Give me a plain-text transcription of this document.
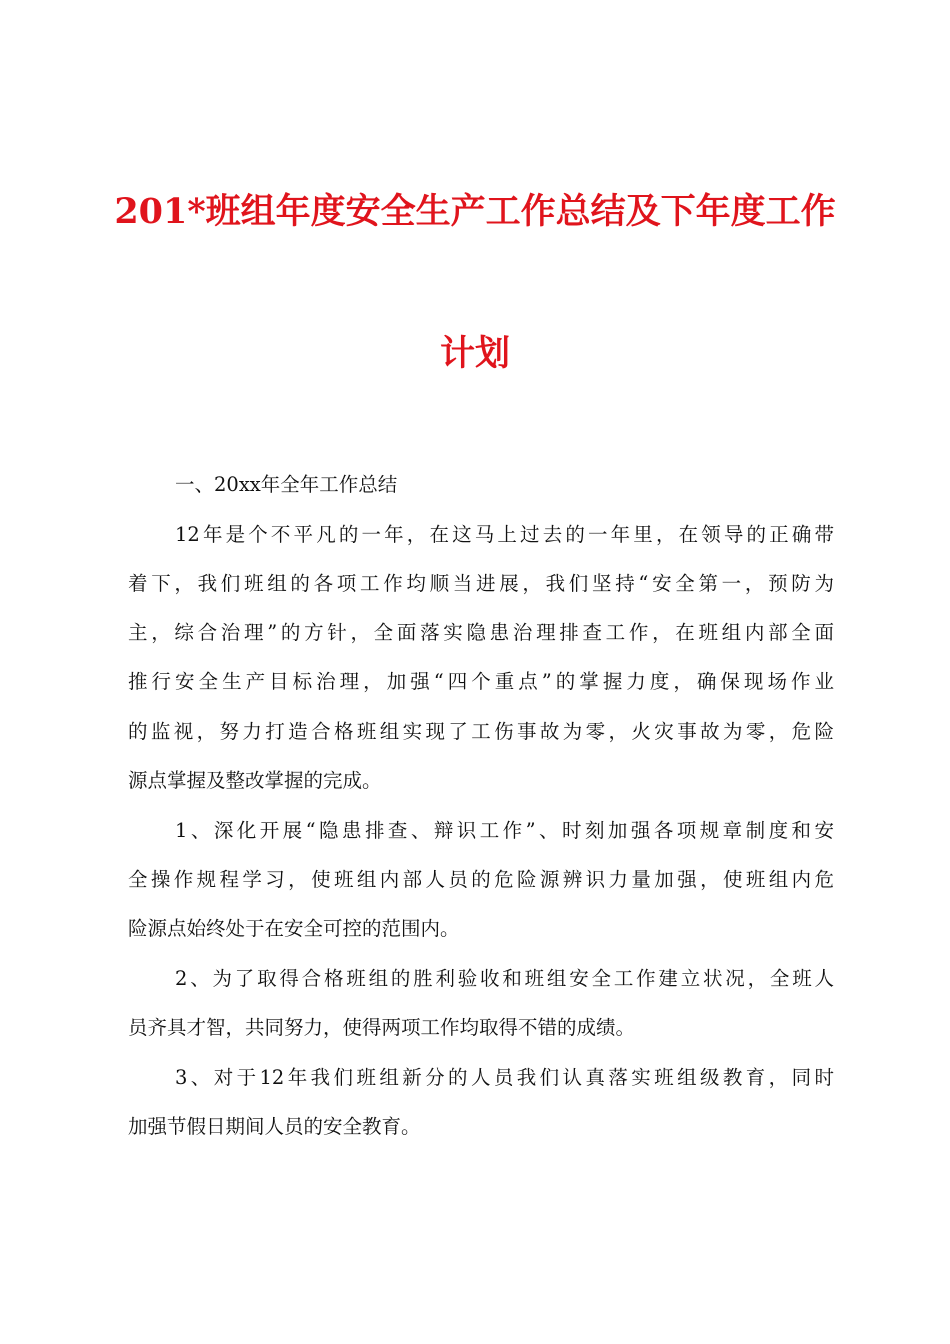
201*班组年度安全生产工作总结及下年度工作
计划
一、20xx年全年工作总结
12年是个不平凡的一年，在这马上过去的一年里，在领导的正确带
着下，我们班组的各项工作均顺当进展，我们坚持“安全第一，预防为
主，综合治理”的方针，全面落实隐患治理排查工作，在班组内部全面
推行安全生产目标治理，加强“四个重点”的掌握力度，确保现场作业
的监视，努力打造合格班组实现了工伤事故为零，火灾事故为零，危险
源点掌握及整改掌握的完成。
1、深化开展“隐患排查、辩识工作”、时刻加强各项规章制度和安
全操作规程学习，使班组内部人员的危险源辨识力量加强，使班组内危
险源点始终处于在安全可控的范围内。
2、为了取得合格班组的胜利验收和班组安全工作建立状况，全班人
员齐具才智，共同努力，使得两项工作均取得不错的成绩。
3、对于12年我们班组新分的人员我们认真落实班组级教育，同时
加强节假日期间人员的安全教育。
